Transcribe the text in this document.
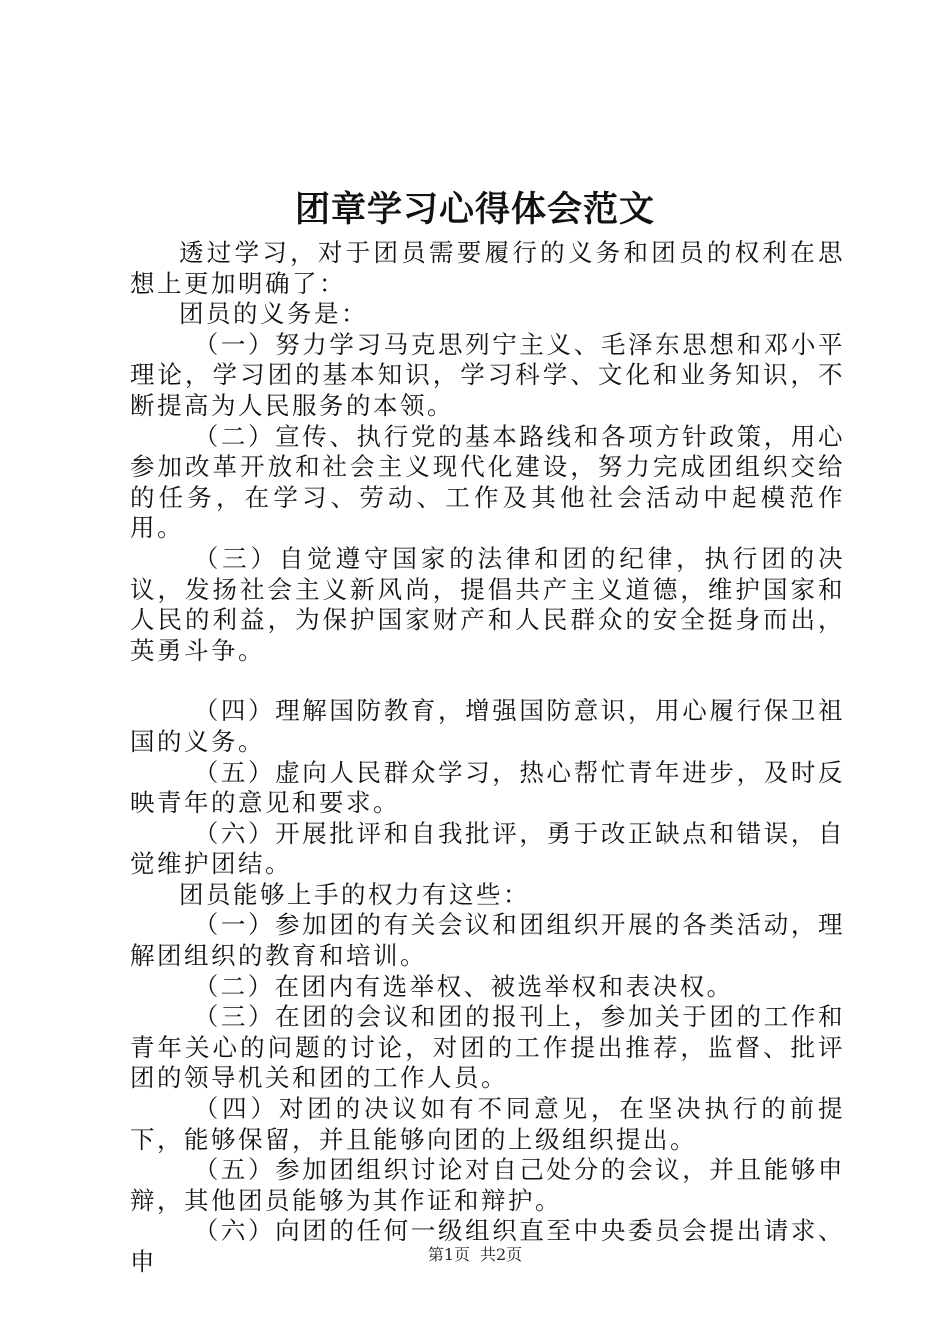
团章学习心得体会范文

透过学习，对于团员需要履行的义务和团员的权利在思想上更加明确了：

团员的义务是：

（一）努力学习马克思列宁主义、毛泽东思想和邓小平理论，学习团的基本知识，学习科学、文化和业务知识，不断提高为人民服务的本领。

（二）宣传、执行党的基本路线和各项方针政策，用心参加改革开放和社会主义现代化建设，努力完成团组织交给的任务，在学习、劳动、工作及其他社会活动中起模范作用。

（三）自觉遵守国家的法律和团的纪律，执行团的决议，发扬社会主义新风尚，提倡共产主义道德，维护国家和人民的利益，为保护国家财产和人民群众的安全挺身而出，英勇斗争。

（四）理解国防教育，增强国防意识，用心履行保卫祖国的义务。

（五）虚向人民群众学习，热心帮忙青年进步，及时反映青年的意见和要求。

（六）开展批评和自我批评，勇于改正缺点和错误，自觉维护团结。

团员能够上手的权力有这些：

（一）参加团的有关会议和团组织开展的各类活动，理解团组织的教育和培训。

（二）在团内有选举权、被选举权和表决权。

（三）在团的会议和团的报刊上，参加关于团的工作和青年关心的问题的讨论，对团的工作提出推荐，监督、批评团的领导机关和团的工作人员。

（四）对团的决议如有不同意见，在坚决执行的前提下，能够保留，并且能够向团的上级组织提出。

（五）参加团组织讨论对自己处分的会议，并且能够申辩，其他团员能够为其作证和辩护。

（六）向团的任何一级组织直至中央委员会提出请求、申	第1页 共2页
